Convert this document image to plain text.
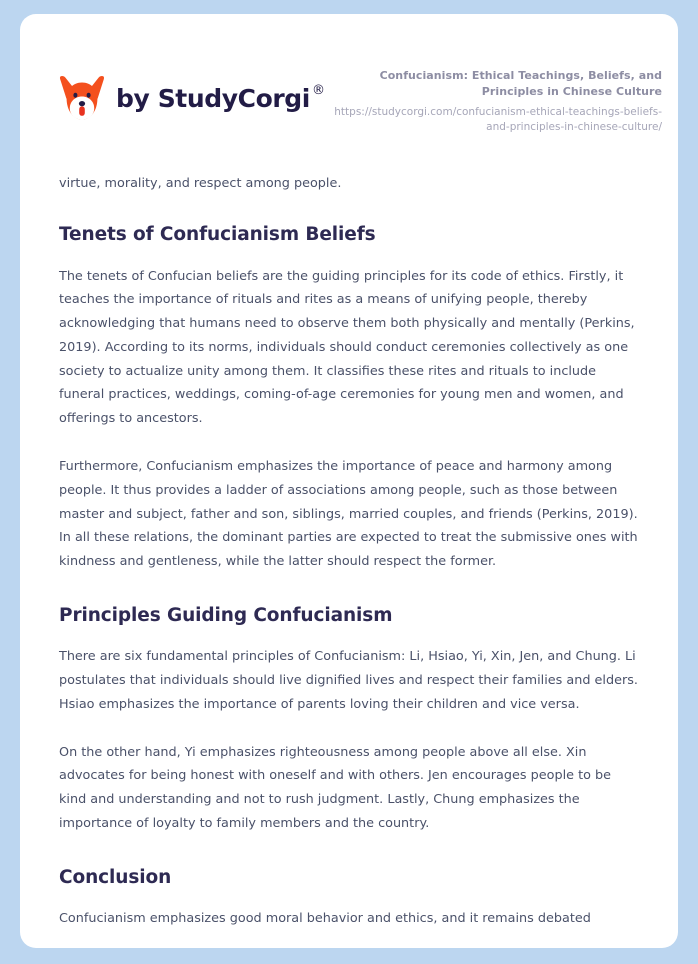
by StudyCorgi ®

Confucianism: Ethical Teachings, Beliefs, and Principles in Chinese Culture

https://studycorgi.com/confucianism-ethical-teachings-beliefs-and-principles-in-chinese-culture/

virtue, morality, and respect among people.

Tenets of Confucianism Beliefs

The tenets of Confucian beliefs are the guiding principles for its code of ethics. Firstly, it teaches the importance of rituals and rites as a means of unifying people, thereby acknowledging that humans need to observe them both physically and mentally (Perkins, 2019). According to its norms, individuals should conduct ceremonies collectively as one society to actualize unity among them. It classifies these rites and rituals to include funeral practices, weddings, coming-of-age ceremonies for young men and women, and offerings to ancestors.

Furthermore, Confucianism emphasizes the importance of peace and harmony among people. It thus provides a ladder of associations among people, such as those between master and subject, father and son, siblings, married couples, and friends (Perkins, 2019). In all these relations, the dominant parties are expected to treat the submissive ones with kindness and gentleness, while the latter should respect the former.

Principles Guiding Confucianism

There are six fundamental principles of Confucianism: Li, Hsiao, Yi, Xin, Jen, and Chung. Li postulates that individuals should live dignified lives and respect their families and elders. Hsiao emphasizes the importance of parents loving their children and vice versa.

On the other hand, Yi emphasizes righteousness among people above all else. Xin advocates for being honest with oneself and with others. Jen encourages people to be kind and understanding and not to rush judgment. Lastly, Chung emphasizes the importance of loyalty to family members and the country.

Conclusion

Confucianism emphasizes good moral behavior and ethics, and it remains debated
